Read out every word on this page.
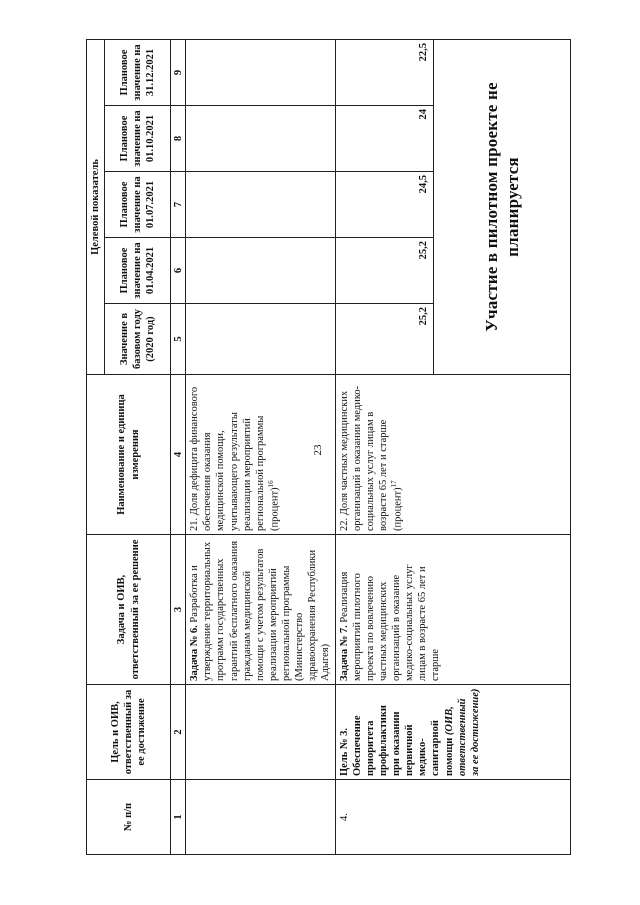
23
№ п/п	Цель и ОИВ, ответственный за ее достижение	Задача и ОИВ, ответственный за ее решение	Наименование и единица измерения	Целевой показатель				
				Значение в базовом году (2020 год)	Плановое значение на 01.04.2021	Плановое значение на 01.07.2021	Плановое значение на 01.10.2021	Плановое значение на 31.12.2021
1	2	3	4	5	6	7	8	9
		Задача № 6. Разработка и утверждение территориальных программ государственных гарантий бесплатного оказания гражданам медицинской помощи с учетом результатов реализации мероприятий региональной программы (Министерство здравоохранения Республики Адыгея)	21. Доля дефицита финансового обеспечения оказания медицинской помощи, учитывающего результаты реализации мероприятий региональной программы (процент)$^{16}$					
4.	Цель № 3. Обеспечение приоритета профилактики при оказании первичной медико-санитарной помощи (ОИВ, ответственный за ее достижение)	Задача № 7. Реализация мероприятий пилотного проекта по вовлечению частных медицинских организаций в оказание медико-социальных услуг лицам в возрасте 65 лет и старше	22. Доля частных медицинских организаций в оказании медико-социальных услуг лицам в возрасте 65 лет и старше (процент)$^{17}$	25,2	25,2	24,5	24	22,5
				Участие в пилотном проекте не планируется				
